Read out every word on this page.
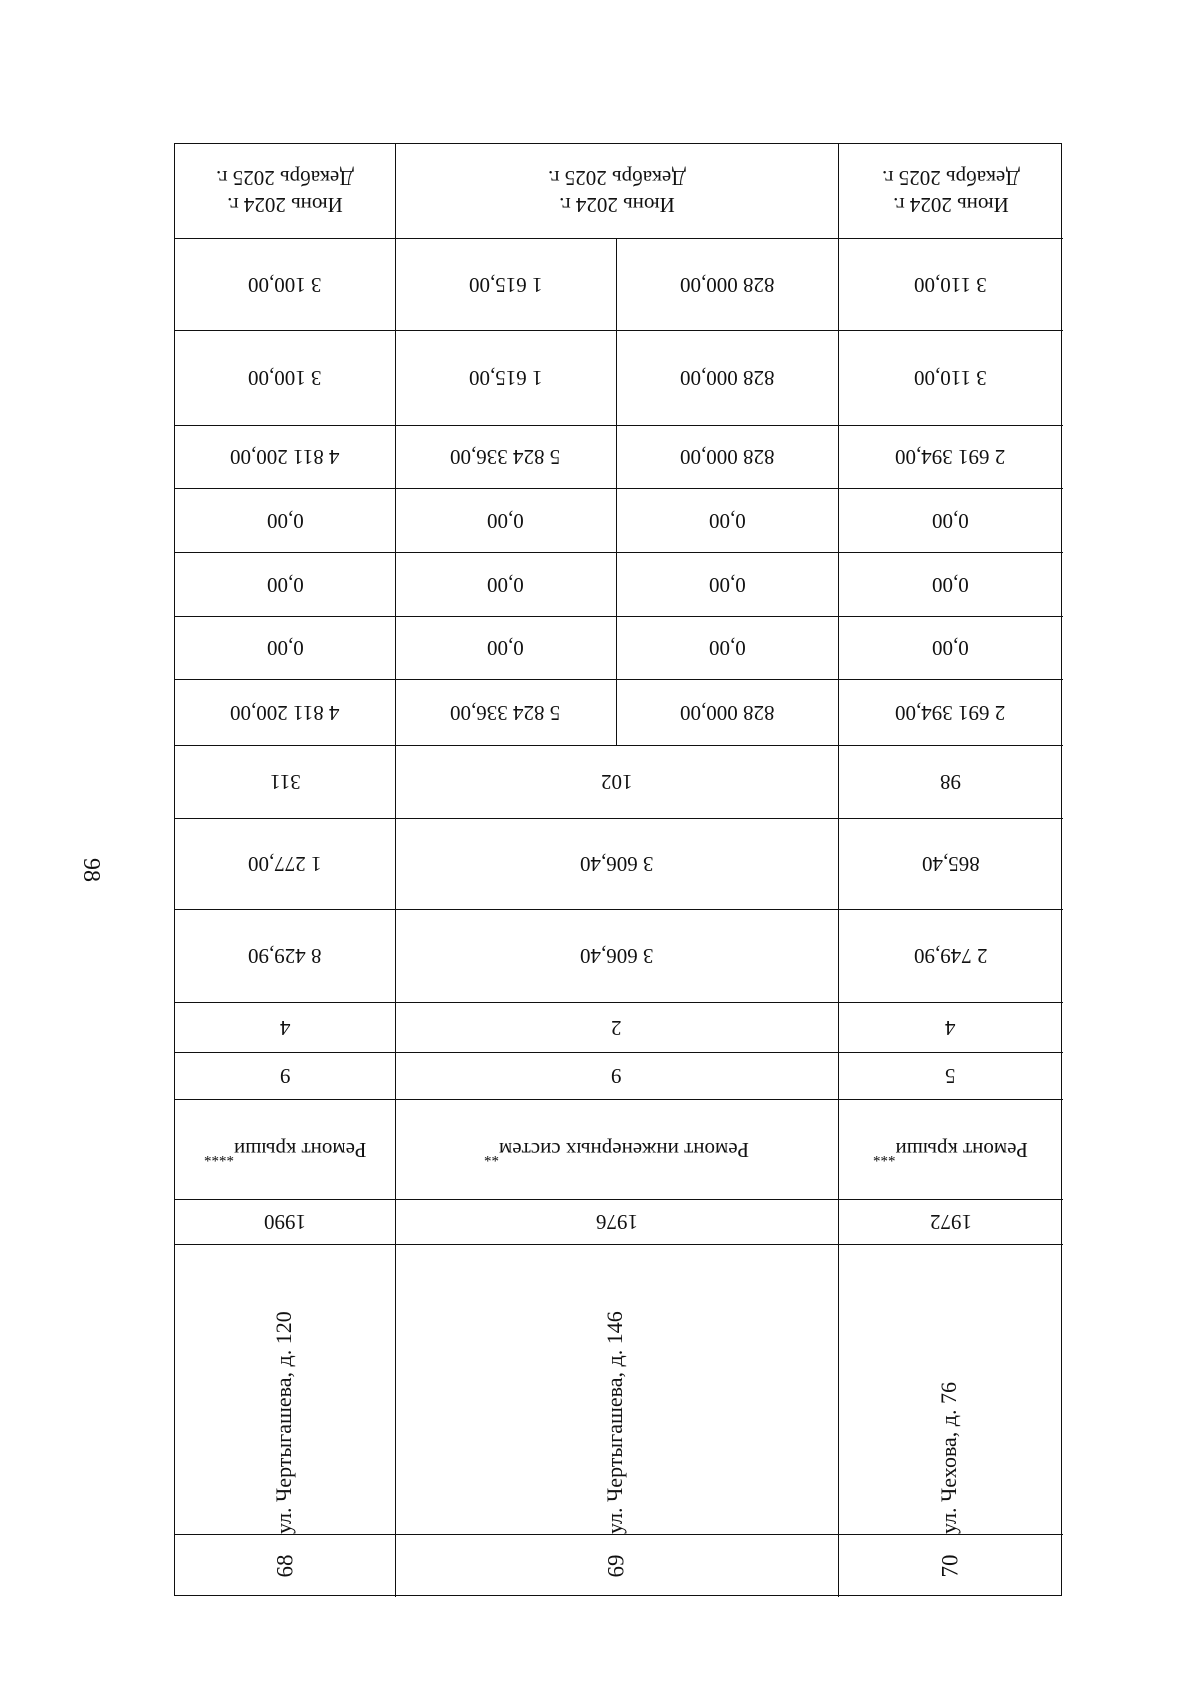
98
Июнь 2024 г.
Декабрь 2025 г.
3 110,00
3 110,00
2 691 394,00
0,00
0,00
0,00
2 691 394,00
98
865,40
2 749,90
4
5
Ремонт крыши***
1972
70
ул. Чехова, д. 76
Июнь 2024 г.
Декабрь 2025 г.
828 000,00
1 615,00
828 000,00
1 615,00
828 000,00
5 824 336,00
0,00
0,00
0,00
0,00
0,00
0,00
828 000,00
5 824 336,00
102
3 606,40
3 606,40
2
9
Ремонт инженерных систем**
1976
69
ул. Чертыгашева, д. 146
Июнь 2024 г.
Декабрь 2025 г.
3 100,00
3 100,00
4 811 200,00
0,00
0,00
0,00
4 811 200,00
311
1 277,00
8 429,90
4
9
Ремонт крыши****
1990
68
ул. Чертыгашева, д. 120
